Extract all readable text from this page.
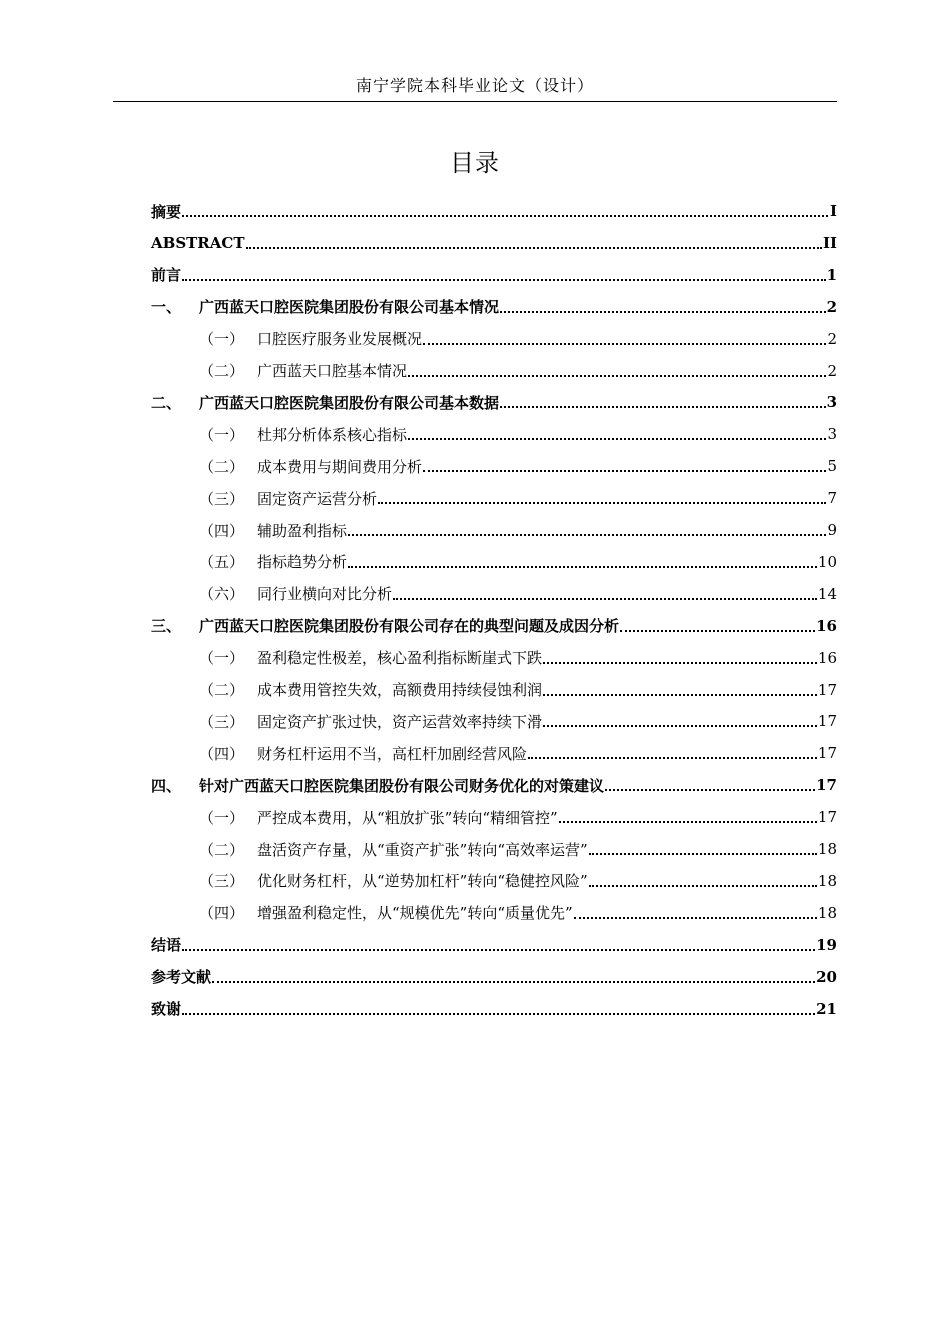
南宁学院本科毕业论文（设计）
目录
摘要	I
ABSTRACT	II
前言	1
一、	广西蓝天口腔医院集团股份有限公司基本情况	2
（一） 口腔医疗服务业发展概况	2
（二） 广西蓝天口腔基本情况	2
二、	广西蓝天口腔医院集团股份有限公司基本数据	3
（一） 杜邦分析体系核心指标	3
（二） 成本费用与期间费用分析	5
（三） 固定资产运营分析	7
（四） 辅助盈利指标	9
（五） 指标趋势分析	10
（六） 同行业横向对比分析	14
三、	广西蓝天口腔医院集团股份有限公司存在的典型问题及成因分析	16
（一） 盈利稳定性极差，核心盈利指标断崖式下跌	16
（二） 成本费用管控失效，高额费用持续侵蚀利润	17
（三） 固定资产扩张过快，资产运营效率持续下滑	17
（四） 财务杠杆运用不当，高杠杆加剧经营风险	17
四、	针对广西蓝天口腔医院集团股份有限公司财务优化的对策建议	17
（一） 严控成本费用，从“粗放扩张”转向“精细管控”	17
（二） 盘活资产存量，从“重资产扩张”转向“高效率运营”	18
（三） 优化财务杠杆，从“逆势加杠杆”转向“稳健控风险”	18
（四） 增强盈利稳定性，从“规模优先”转向“质量优先”	18
结语	19
参考文献	20
致谢	21
